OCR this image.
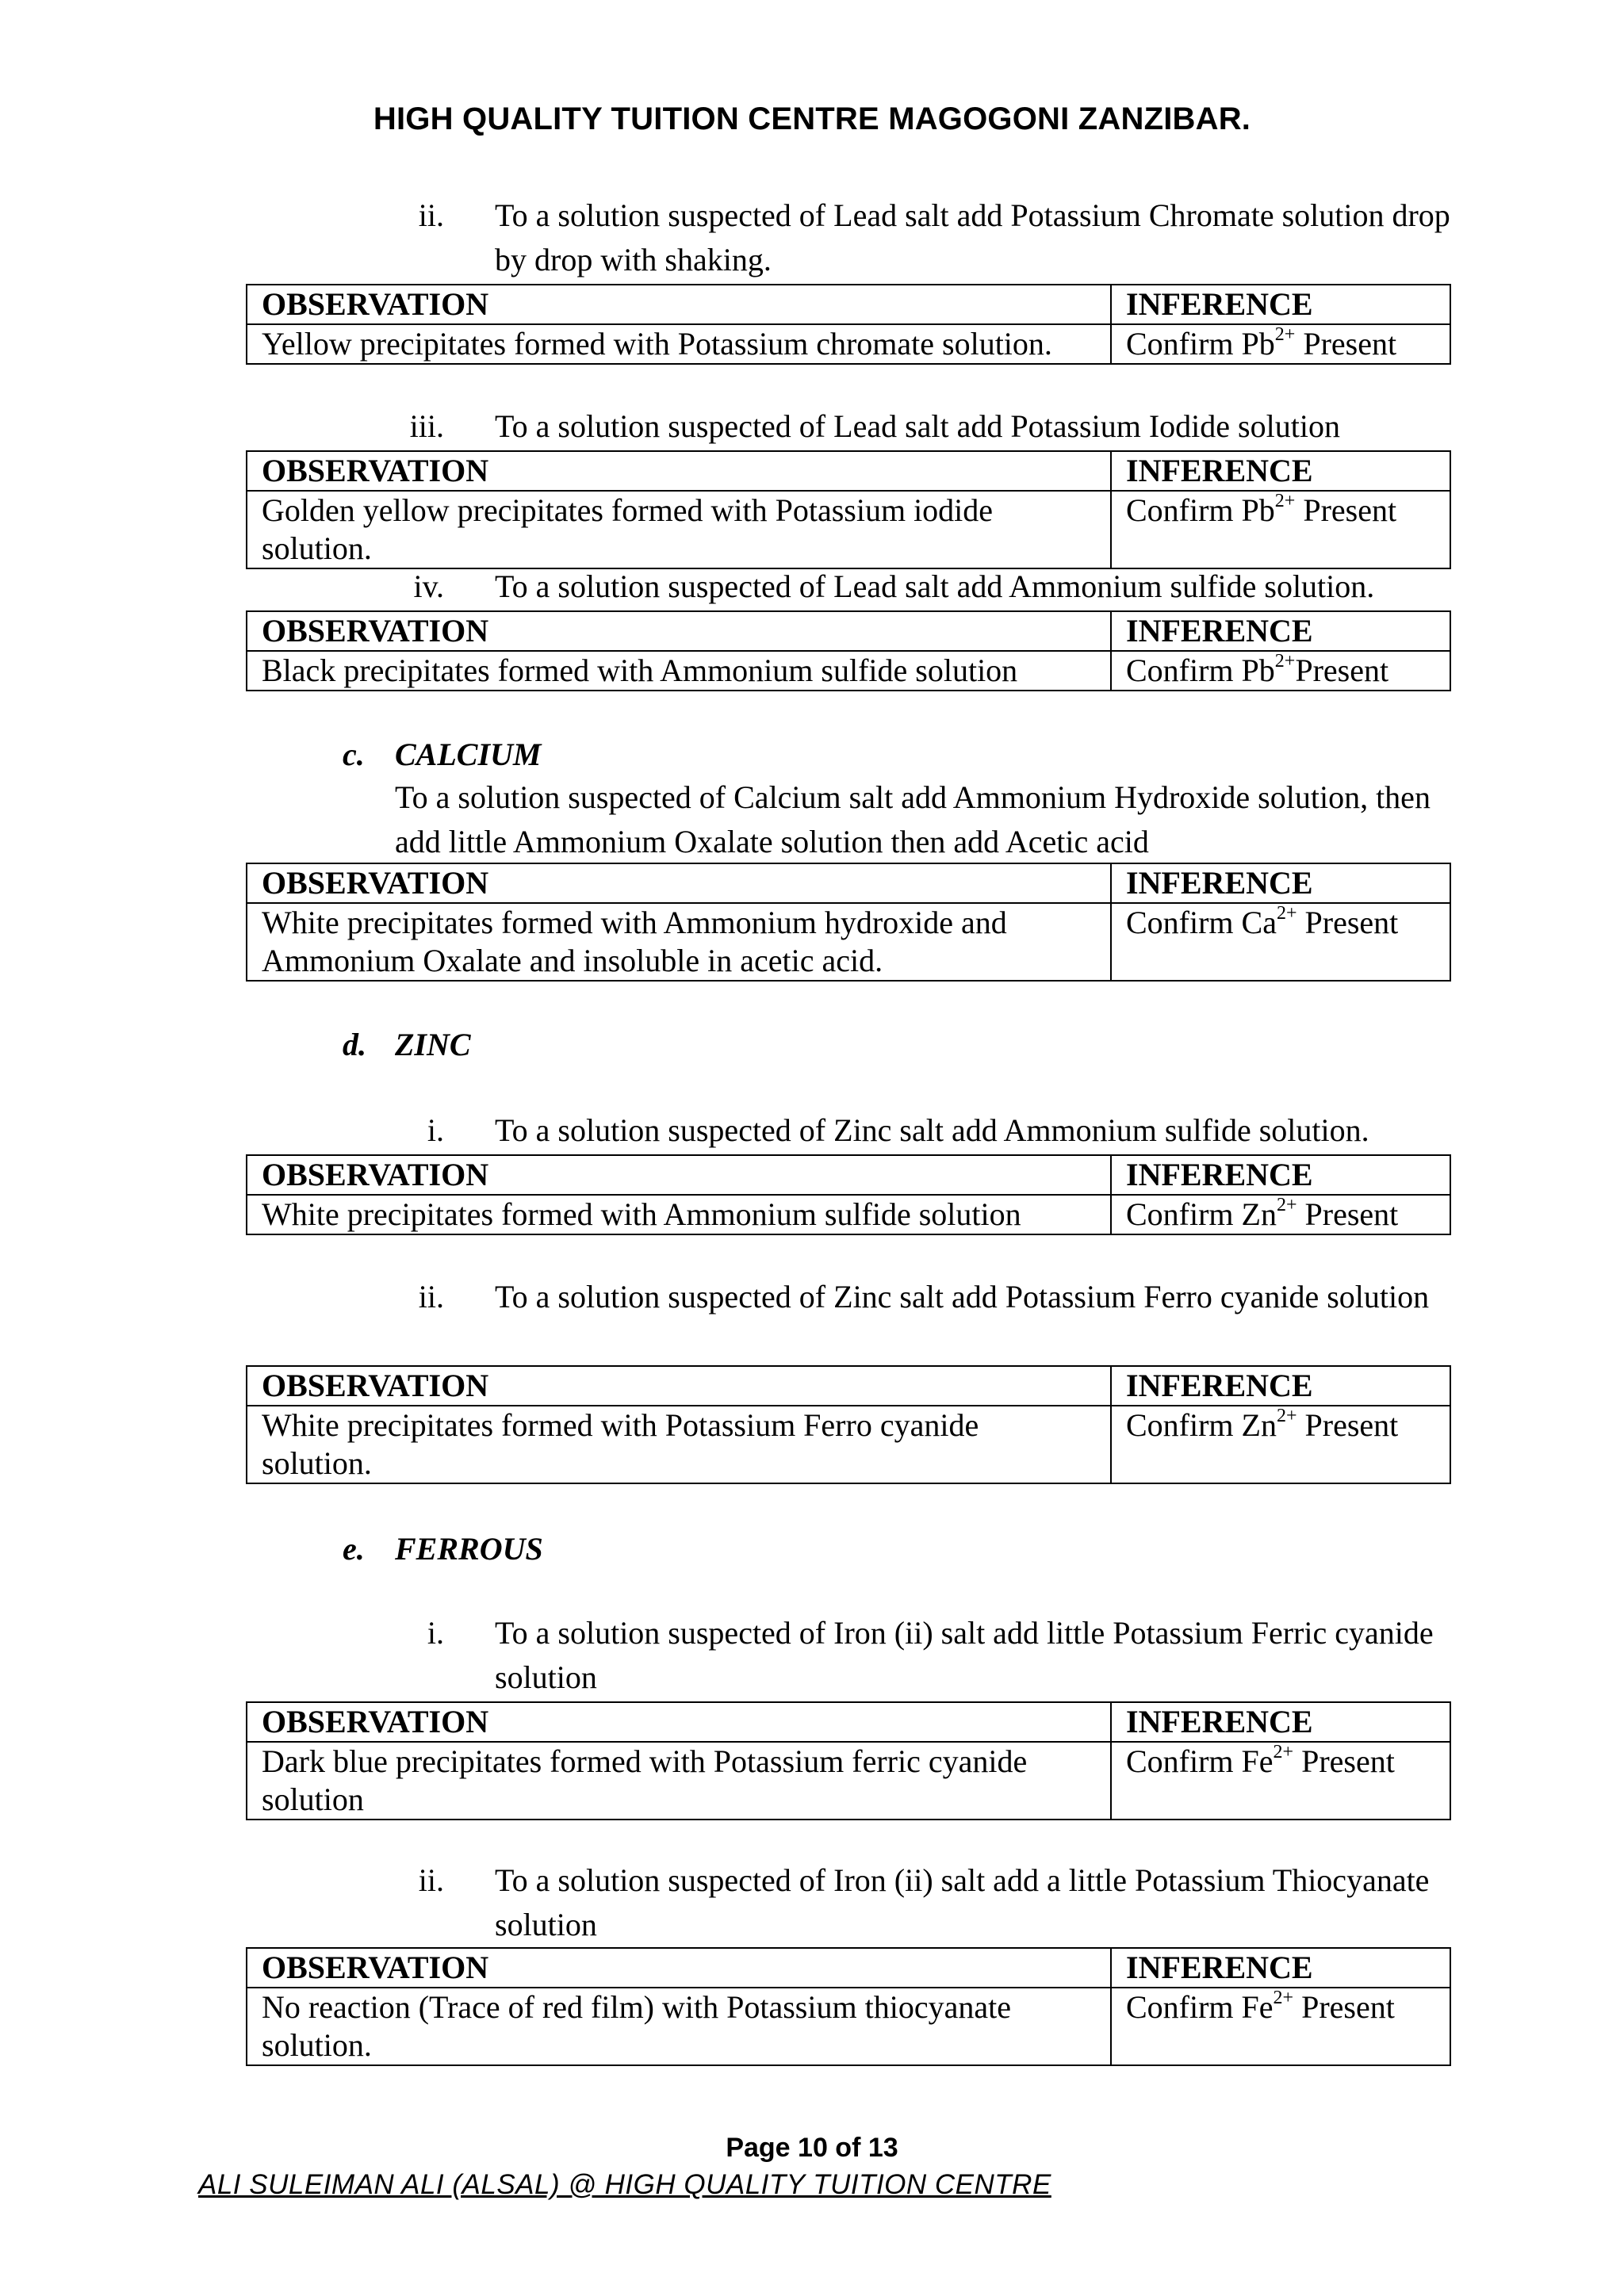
HIGH QUALITY TUITION CENTRE MAGOGONI ZANZIBAR.
ii. To a solution suspected of Lead salt add Potassium Chromate solution drop by drop with shaking.
OBSERVATION	INFERENCE
Yellow precipitates formed with Potassium chromate solution.	Confirm $Pb^{2+}$ Present
iii. To a solution suspected of Lead salt add Potassium Iodide solution
OBSERVATION	INFERENCE
Golden yellow precipitates formed with Potassium iodide solution.	Confirm $Pb^{2+}$ Present
iv. To a solution suspected of Lead salt add Ammonium sulfide solution.
OBSERVATION	INFERENCE
Black precipitates formed with Ammonium sulfide solution	Confirm $Pb^{2+}Present$
c. CALCIUM
To a solution suspected of Calcium salt add Ammonium Hydroxide solution, then add little Ammonium Oxalate solution then add Acetic acid
OBSERVATION	INFERENCE
White precipitates formed with Ammonium hydroxide and Ammonium Oxalate and insoluble in acetic acid.	Confirm $Ca^{2+}$ Present
d. ZINC
i. To a solution suspected of Zinc salt add Ammonium sulfide solution.
OBSERVATION	INFERENCE
White precipitates formed with Ammonium sulfide solution	Confirm $Zn^{2+}$ Present
ii. To a solution suspected of Zinc salt add Potassium Ferro cyanide solution
OBSERVATION	INFERENCE
White precipitates formed with Potassium Ferro cyanide solution.	Confirm $Zn^{2+}$ Present
e. FERROUS
i. To a solution suspected of Iron (ii) salt add little Potassium Ferric cyanide solution
OBSERVATION	INFERENCE
Dark blue precipitates formed with Potassium ferric cyanide solution	Confirm $Fe^{2+}$ Present
ii. To a solution suspected of Iron (ii) salt add a little Potassium Thiocyanate solution
OBSERVATION	INFERENCE
No reaction (Trace of red film) with Potassium thiocyanate solution.	Confirm $Fe^{2+}$ Present
Page 10 of 13
ALI SULEIMAN ALI (ALSAL) @ HIGH QUALITY TUITION CENTRE
